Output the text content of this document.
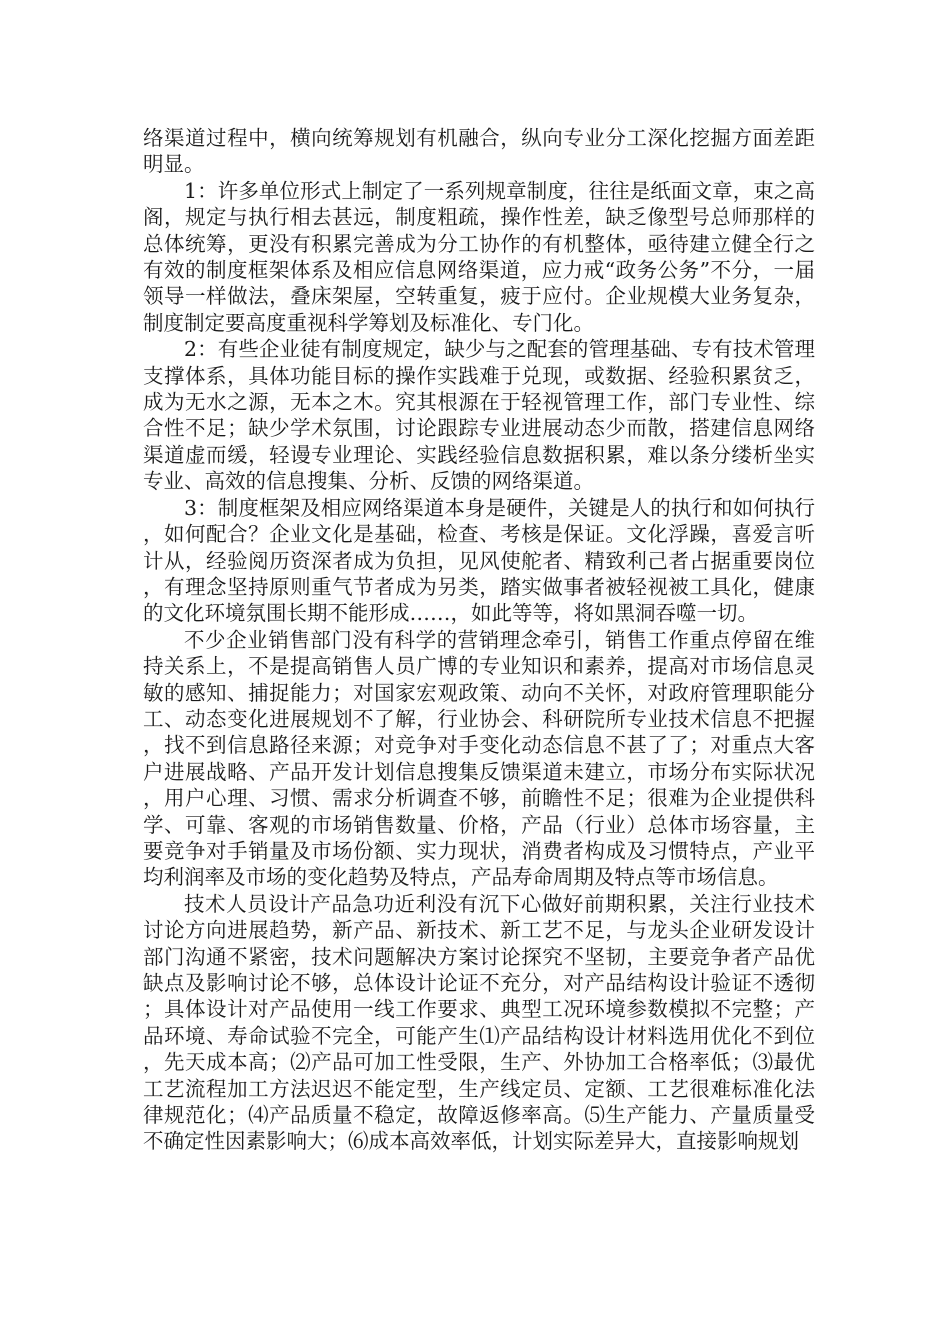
络渠道过程中，横向统筹规划有机融合，纵向专业分工深化挖掘方面差距明显。

1：许多单位形式上制定了一系列规章制度，往往是纸面文章，束之高阁，规定与执行相去甚远，制度粗疏，操作性差，缺乏像型号总师那样的总体统筹，更没有积累完善成为分工协作的有机整体，亟待建立健全行之有效的制度框架体系及相应信息网络渠道，应力戒“政务公务”不分，一届领导一样做法，叠床架屋，空转重复，疲于应付。企业规模大业务复杂，制度制定要高度重视科学筹划及标准化、专门化。

2：有些企业徒有制度规定，缺少与之配套的管理基础、专有技术管理支撑体系，具体功能目标的操作实践难于兑现，或数据、经验积累贫乏，成为无水之源，无本之木。究其根源在于轻视管理工作，部门专业性、综合性不足；缺少学术氛围，讨论跟踪专业进展动态少而散，搭建信息网络渠道虚而缓，轻谩专业理论、实践经验信息数据积累，难以条分缕析坐实专业、高效的信息搜集、分析、反馈的网络渠道。

3：制度框架及相应网络渠道本身是硬件，关键是人的执行和如何执行，如何配合？企业文化是基础，检查、考核是保证。文化浮躁，喜爱言听计从，经验阅历资深者成为负担，见风使舵者、精致利己者占据重要岗位，有理念坚持原则重气节者成为另类，踏实做事者被轻视被工具化，健康的文化环境氛围长期不能形成……，如此等等，将如黑洞吞噬一切。

不少企业销售部门没有科学的营销理念牵引，销售工作重点停留在维持关系上，不是提高销售人员广博的专业知识和素养，提高对市场信息灵敏的感知、捕捉能力；对国家宏观政策、动向不关怀，对政府管理职能分工、动态变化进展规划不了解，行业协会、科研院所专业技术信息不把握，找不到信息路径来源；对竞争对手变化动态信息不甚了了；对重点大客户进展战略、产品开发计划信息搜集反馈渠道未建立，市场分布实际状况，用户心理、习惯、需求分析调查不够，前瞻性不足；很难为企业提供科学、可靠、客观的市场销售数量、价格，产品（行业）总体市场容量，主要竞争对手销量及市场份额、实力现状，消费者构成及习惯特点，产业平均利润率及市场的变化趋势及特点，产品寿命周期及特点等市场信息。

技术人员设计产品急功近利没有沉下心做好前期积累，关注行业技术讨论方向进展趋势，新产品、新技术、新工艺不足，与龙头企业研发设计部门沟通不紧密，技术问题解决方案讨论探究不坚韧，主要竞争者产品优缺点及影响讨论不够，总体设计论证不充分，对产品结构设计验证不透彻；具体设计对产品使用一线工作要求、典型工况环境参数模拟不完整；产品环境、寿命试验不完全，可能产生⑴产品结构设计材料选用优化不到位，先天成本高；⑵产品可加工性受限，生产、外协加工合格率低；⑶最优工艺流程加工方法迟迟不能定型，生产线定员、定额、工艺很难标准化法律规范化；⑷产品质量不稳定，故障返修率高。⑸生产能力、产量质量受不确定性因素影响大；⑹成本高效率低，计划实际差异大，直接影响规划
